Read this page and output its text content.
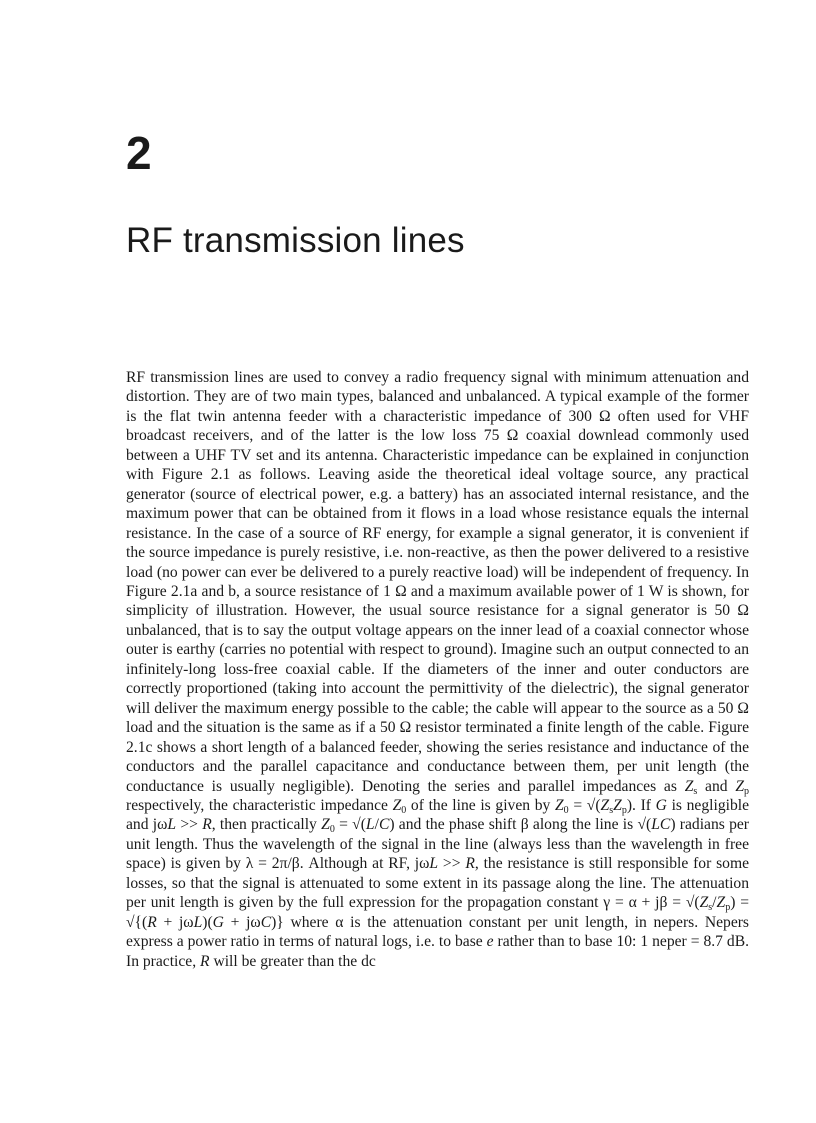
2
RF transmission lines

RF transmission lines are used to convey a radio frequency signal with minimum attenuation and distortion. They are of two main types, balanced and unbalanced. A typical example of the former is the flat twin antenna feeder with a characteristic impedance of 300 Ω often used for VHF broadcast receivers, and of the latter is the low loss 75 Ω coaxial downlead commonly used between a UHF TV set and its antenna. Characteristic impedance can be explained in conjunction with Figure 2.1 as follows. Leaving aside the theoretical ideal voltage source, any practical generator (source of electrical power, e.g. a battery) has an associated internal resistance, and the maximum power that can be obtained from it flows in a load whose resistance equals the internal resistance. In the case of a source of RF energy, for example a signal generator, it is convenient if the source impedance is purely resistive, i.e. non-reactive, as then the power delivered to a resistive load (no power can ever be delivered to a purely reactive load) will be independent of frequency. In Figure 2.1a and b, a source resistance of 1 Ω and a maximum available power of 1 W is shown, for simplicity of illustration. However, the usual source resistance for a signal generator is 50 Ω unbalanced, that is to say the output voltage appears on the inner lead of a coaxial connector whose outer is earthy (carries no potential with respect to ground). Imagine such an output connected to an infinitely-long loss-free coaxial cable. If the diameters of the inner and outer conductors are correctly proportioned (taking into account the permittivity of the dielectric), the signal generator will deliver the maximum energy possible to the cable; the cable will appear to the source as a 50 Ω load and the situation is the same as if a 50 Ω resistor terminated a finite length of the cable. Figure 2.1c shows a short length of a balanced feeder, showing the series resistance and inductance of the conductors and the parallel capacitance and conductance between them, per unit length (the conductance is usually negligible). Denoting the series and parallel impedances as $Z_s$ and $Z_p$ respectively, the characteristic impedance $Z_0$ of the line is given by $Z_0 = √(Z_sZ_p)$. If G is negligible and jωL >> R, then practically $Z_0 = √(L/C)$ and the phase shift β along the line is √(LC) radians per unit length. Thus the wavelength of the signal in the line (always less than the wavelength in free space) is given by λ = 2π/β. Although at RF, jωL >> R, the resistance is still responsible for some losses, so that the signal is attenuated to some extent in its passage along the line. The attenuation per unit length is given by the full expression for the propagation constant $\gamma = \alpha + j\beta = √(Z_s/Z_p) = √\{(R + j\omega L)(G + j\omega C)\}$ where α is the attenuation constant per unit length, in nepers. Nepers express a power ratio in terms of natural logs, i.e. to base e rather than to base 10: 1 neper = 8.7 dB. In practice, R will be greater than the dc
